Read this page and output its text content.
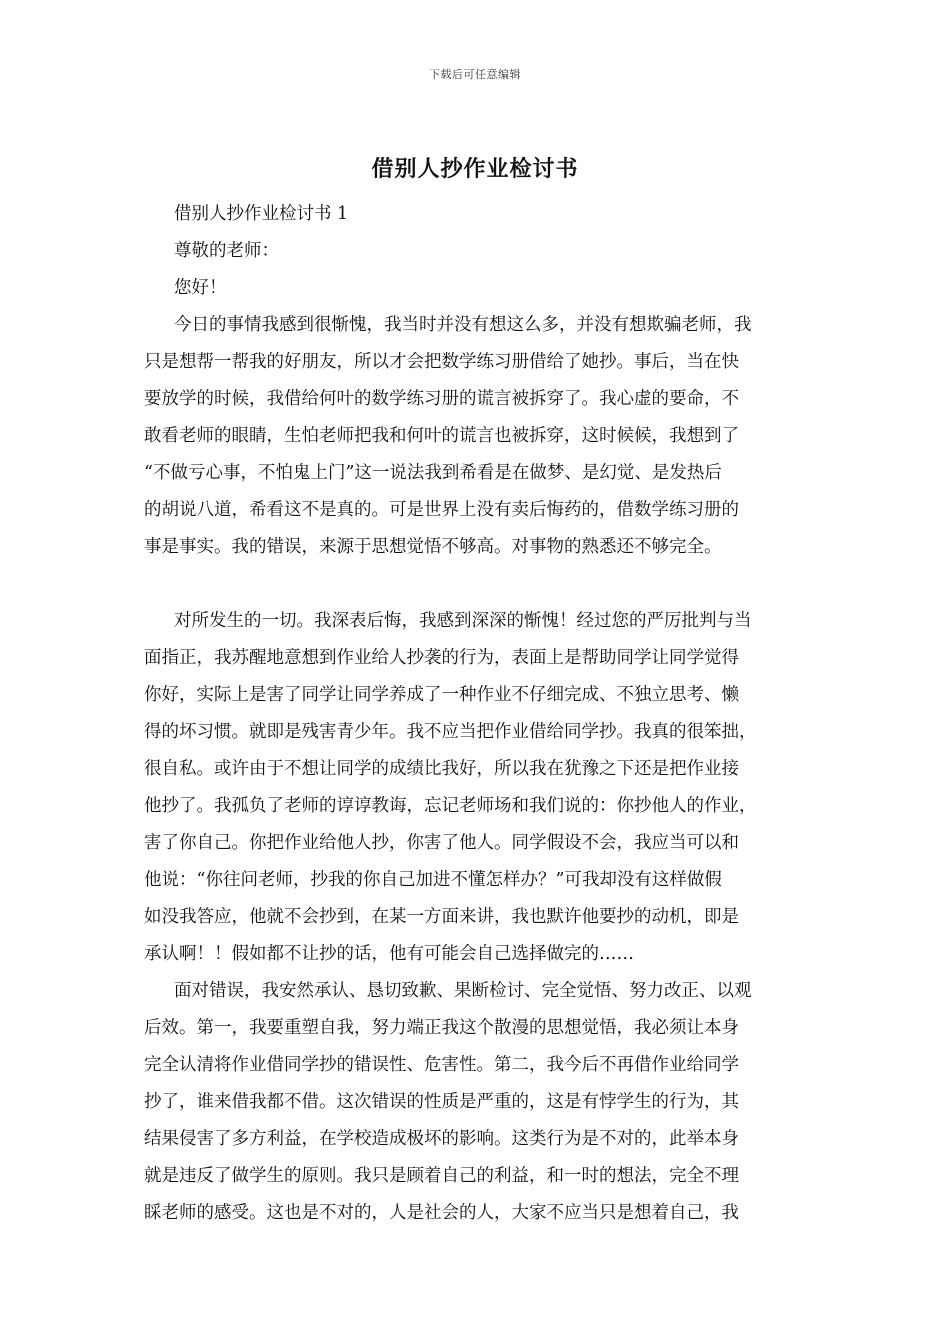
下载后可任意编辑
借别人抄作业检讨书
借别人抄作业检讨书 1
尊敬的老师：
您好！
今日的事情我感到很惭愧，我当时并没有想这么多，并没有想欺骗老师，我
只是想帮一帮我的好朋友，所以才会把数学练习册借给了她抄。事后，当在快
要放学的时候，我借给何叶的数学练习册的谎言被拆穿了。我心虚的要命，不
敢看老师的眼睛，生怕老师把我和何叶的谎言也被拆穿，这时候候，我想到了
“不做亏心事，不怕鬼上门”这一说法我到希看是在做梦、是幻觉、是发热后
的胡说八道，希看这不是真的。可是世界上没有卖后悔药的，借数学练习册的
事是事实。我的错误，来源于思想觉悟不够高。对事物的熟悉还不够完全。
对所发生的一切。我深表后悔，我感到深深的惭愧！经过您的严厉批判与当
面指正，我苏醒地意想到作业给人抄袭的行为，表面上是帮助同学让同学觉得
你好，实际上是害了同学让同学养成了一种作业不仔细完成、不独立思考、懒
得的坏习惯。就即是残害青少年。我不应当把作业借给同学抄。我真的很笨拙，
很自私。或许由于不想让同学的成绩比我好，所以我在犹豫之下还是把作业接
他抄了。我孤负了老师的谆谆教诲，忘记老师场和我们说的：你抄他人的作业，
害了你自己。你把作业给他人抄，你害了他人。同学假设不会，我应当可以和
他说：“你往问老师，抄我的你自己加进不懂怎样办？”可我却没有这样做假
如没我答应，他就不会抄到，在某一方面来讲，我也默许他要抄的动机，即是
承认啊！！假如都不让抄的话，他有可能会自己选择做完的……
面对错误，我安然承认、恳切致歉、果断检讨、完全觉悟、努力改正、以观
后效。第一，我要重塑自我，努力端正我这个散漫的思想觉悟，我必须让本身
完全认清将作业借同学抄的错误性、危害性。第二，我今后不再借作业给同学
抄了，谁来借我都不借。这次错误的性质是严重的，这是有悖学生的行为，其
结果侵害了多方利益，在学校造成极坏的影响。这类行为是不对的，此举本身
就是违反了做学生的原则。我只是顾着自己的利益，和一时的想法，完全不理
睬老师的感受。这也是不对的，人是社会的人，大家不应当只是想着自己，我
